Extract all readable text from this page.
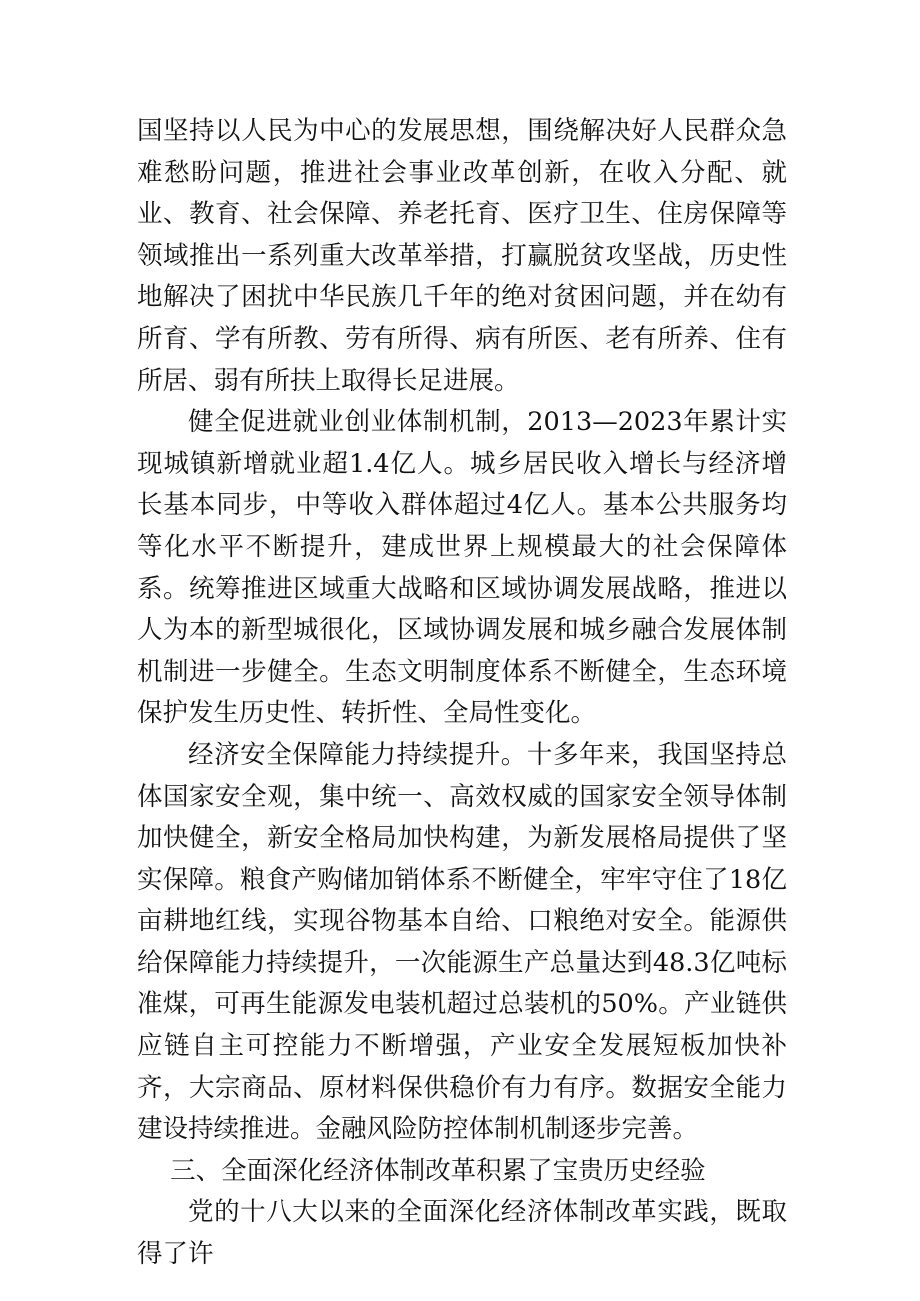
国坚持以人民为中心的发展思想，围绕解决好人民群众急难愁盼问题，推进社会事业改革创新，在收入分配、就业、教育、社会保障、养老托育、医疗卫生、住房保障等领域推出一系列重大改革举措，打赢脱贫攻坚战，历史性地解决了困扰中华民族几千年的绝对贫困问题，并在幼有所育、学有所教、劳有所得、病有所医、老有所养、住有所居、弱有所扶上取得长足进展。

健全促进就业创业体制机制，2013—2023年累计实现城镇新增就业超1.4亿人。城乡居民收入增长与经济增长基本同步，中等收入群体超过4亿人。基本公共服务均等化水平不断提升，建成世界上规模最大的社会保障体系。统筹推进区域重大战略和区域协调发展战略，推进以人为本的新型城很化，区域协调发展和城乡融合发展体制机制进一步健全。生态文明制度体系不断健全，生态环境保护发生历史性、转折性、全局性变化。

经济安全保障能力持续提升。十多年来，我国坚持总体国家安全观，集中统一、高效权威的国家安全领导体制加快健全，新安全格局加快构建，为新发展格局提供了坚实保障。粮食产购储加销体系不断健全，牢牢守住了18亿亩耕地红线，实现谷物基本自给、口粮绝对安全。能源供给保障能力持续提升，一次能源生产总量达到48.3亿吨标准煤，可再生能源发电装机超过总装机的50%。产业链供应链自主可控能力不断增强，产业安全发展短板加快补齐，大宗商品、原材料保供稳价有力有序。数据安全能力建设持续推进。金融风险防控体制机制逐步完善。

三、全面深化经济体制改革积累了宝贵历史经验

党的十八大以来的全面深化经济体制改革实践，既取得了许
